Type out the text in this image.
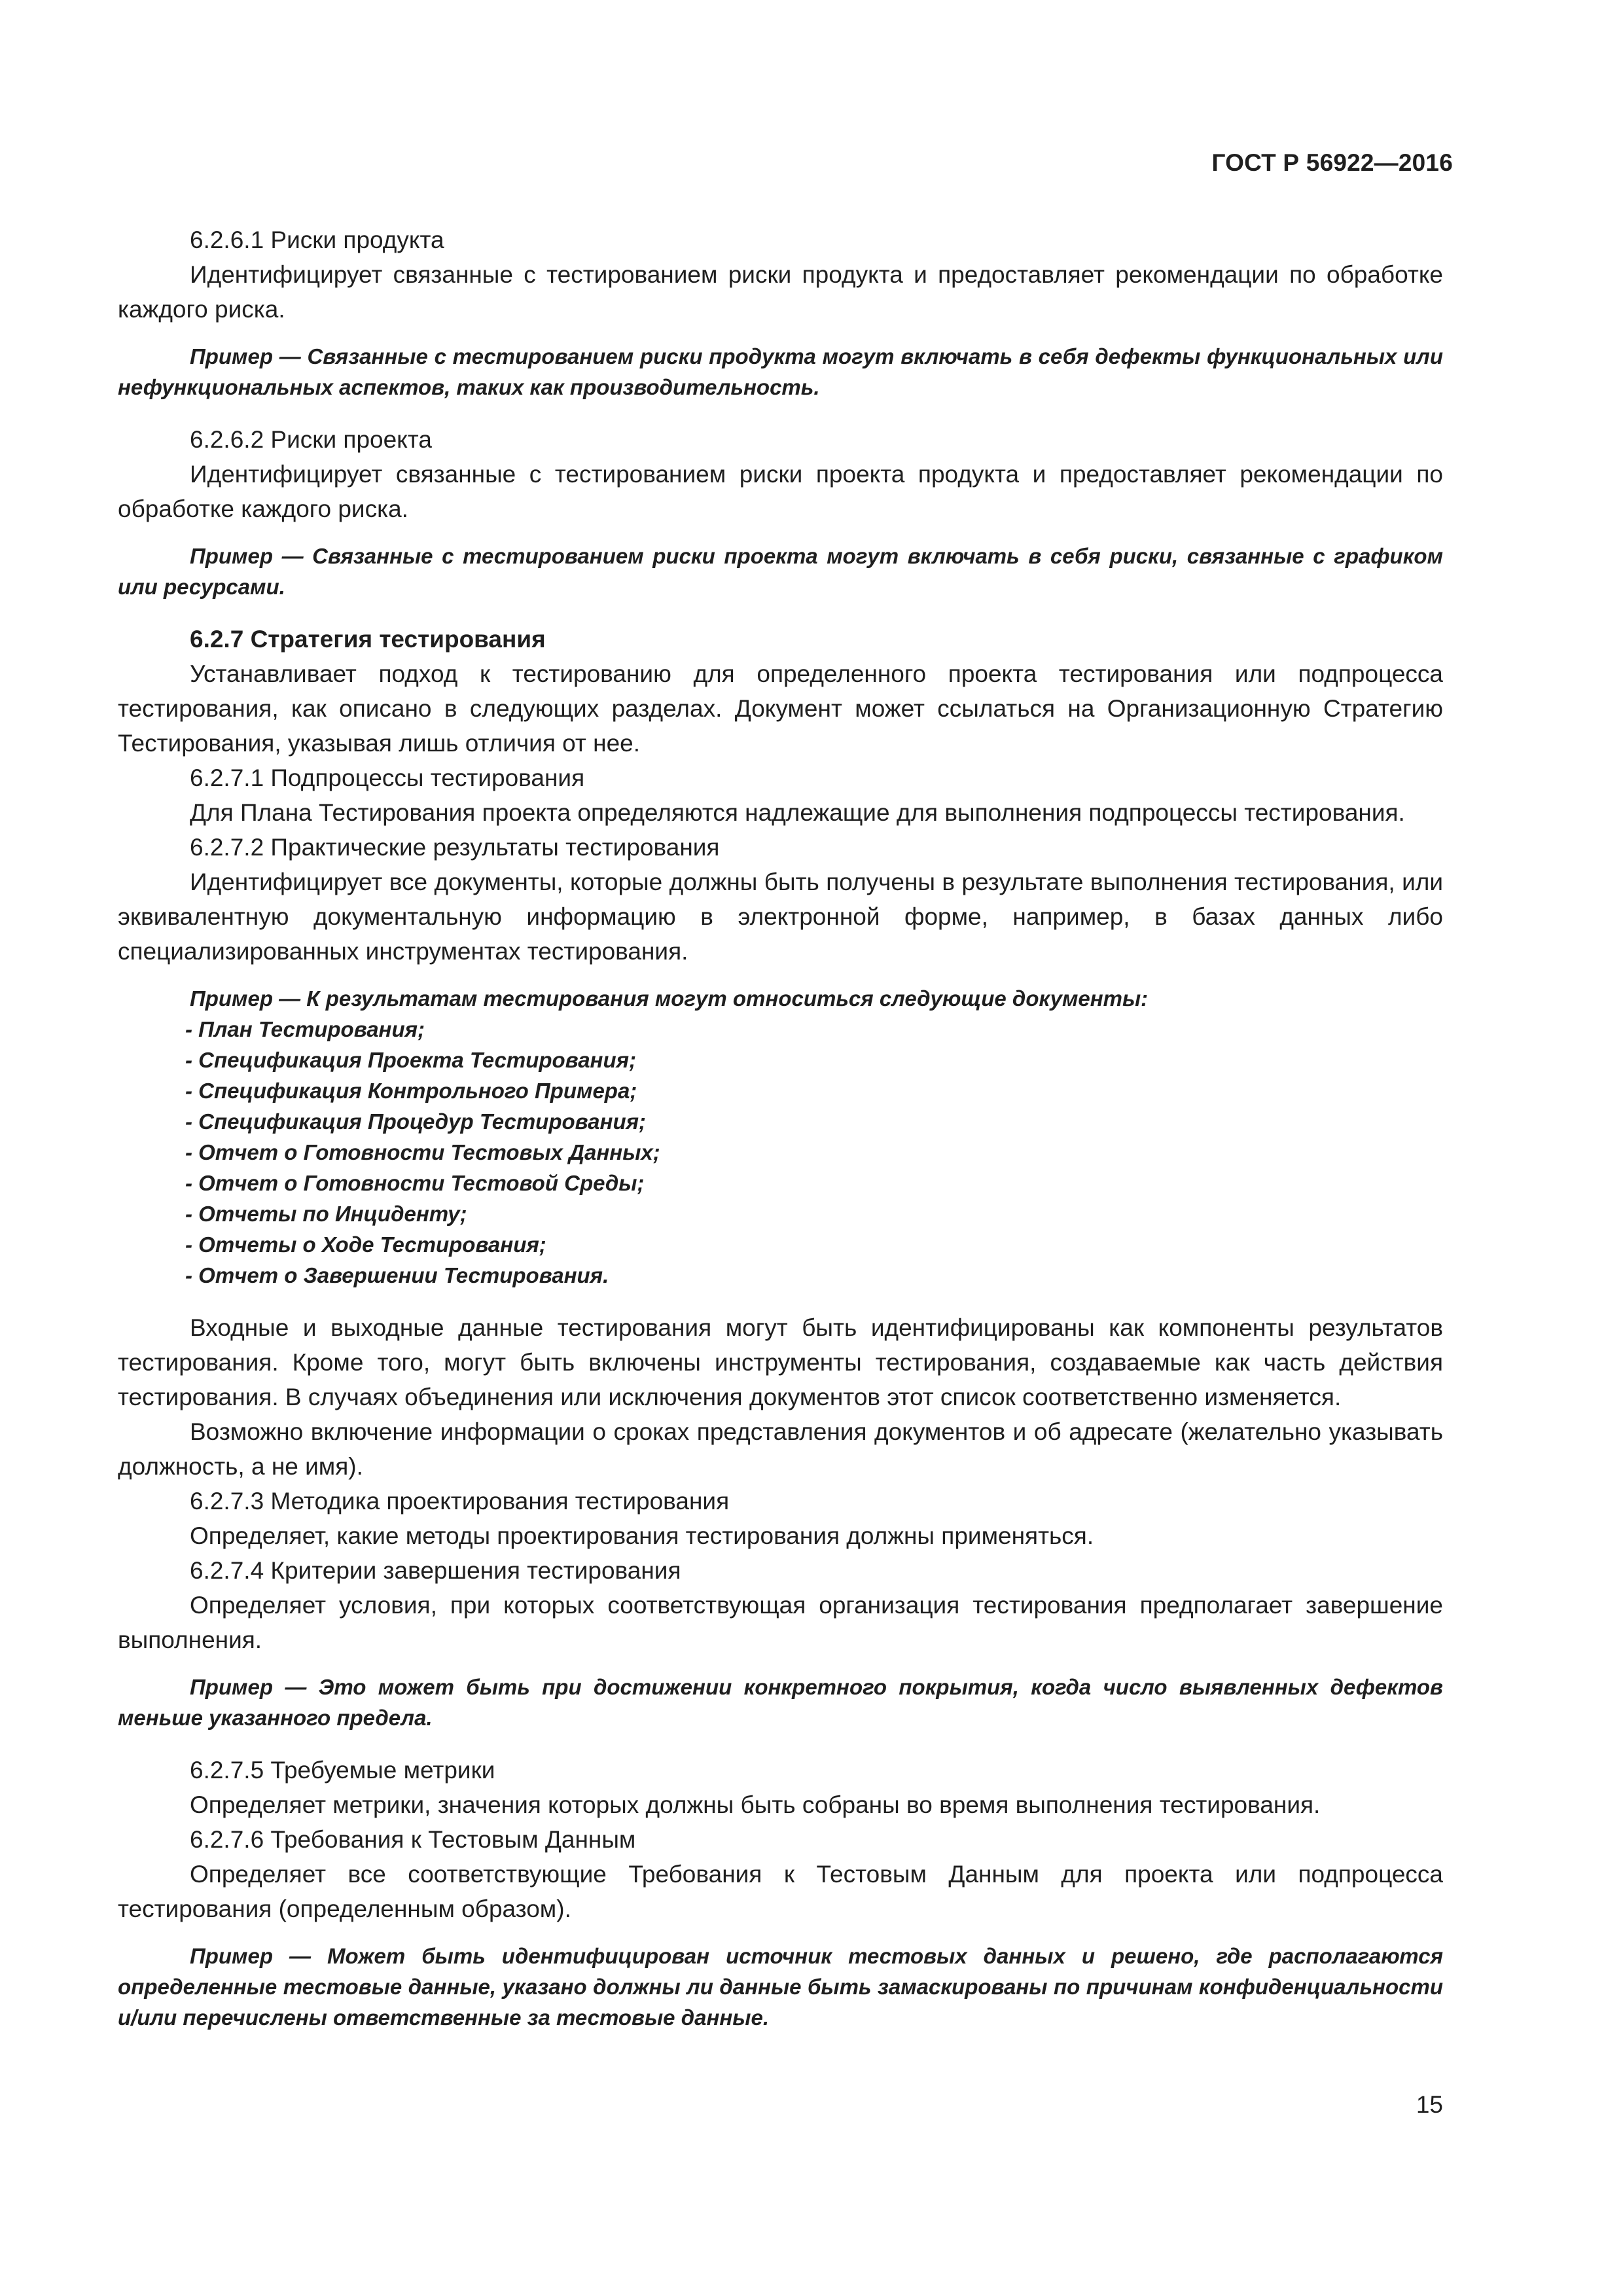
ГОСТ Р 56922—2016

6.2.6.1 Риски продукта

Идентифицирует связанные с тестированием риски продукта и предоставляет рекомендации по обработке каждого риска.

Пример — Связанные с тестированием риски продукта могут включать в себя дефекты функциональных или нефункциональных аспектов, таких как производительность.

6.2.6.2 Риски проекта

Идентифицирует связанные с тестированием риски проекта продукта и предоставляет рекомендации по обработке каждого риска.

Пример — Связанные с тестированием риски проекта могут включать в себя риски, связанные с графиком или ресурсами.

6.2.7 Стратегия тестирования

Устанавливает подход к тестированию для определенного проекта тестирования или подпроцесса тестирования, как описано в следующих разделах. Документ может ссылаться на Организационную Стратегию Тестирования, указывая лишь отличия от нее.

6.2.7.1 Подпроцессы тестирования

Для Плана Тестирования проекта определяются надлежащие для выполнения подпроцессы тестирования.

6.2.7.2 Практические результаты тестирования

Идентифицирует все документы, которые должны быть получены в результате выполнения тестирования, или эквивалентную документальную информацию в электронной форме, например, в базах данных либо специализированных инструментах тестирования.

Пример — К результатам тестирования могут относиться следующие документы:
- План Тестирования;
- Спецификация Проекта Тестирования;
- Спецификация Контрольного Примера;
- Спецификация Процедур Тестирования;
- Отчет о Готовности Тестовых Данных;
- Отчет о Готовности Тестовой Среды;
- Отчеты по Инциденту;
- Отчеты о Ходе Тестирования;
- Отчет о Завершении Тестирования.

Входные и выходные данные тестирования могут быть идентифицированы как компоненты результатов тестирования. Кроме того, могут быть включены инструменты тестирования, создаваемые как часть действия тестирования. В случаях объединения или исключения документов этот список соответственно изменяется.

Возможно включение информации о сроках представления документов и об адресате (желательно указывать должность, а не имя).

6.2.7.3 Методика проектирования тестирования

Определяет, какие методы проектирования тестирования должны применяться.

6.2.7.4 Критерии завершения тестирования

Определяет условия, при которых соответствующая организация тестирования предполагает завершение выполнения.

Пример — Это может быть при достижении конкретного покрытия, когда число выявленных дефектов меньше указанного предела.

6.2.7.5 Требуемые метрики

Определяет метрики, значения которых должны быть собраны во время выполнения тестирования.

6.2.7.6 Требования к Тестовым Данным

Определяет все соответствующие Требования к Тестовым Данным для проекта или подпроцесса тестирования (определенным образом).

Пример — Может быть идентифицирован источник тестовых данных и решено, где располагаются определенные тестовые данные, указано должны ли данные быть замаскированы по причинам конфиденциальности и/или перечислены ответственные за тестовые данные.

15
